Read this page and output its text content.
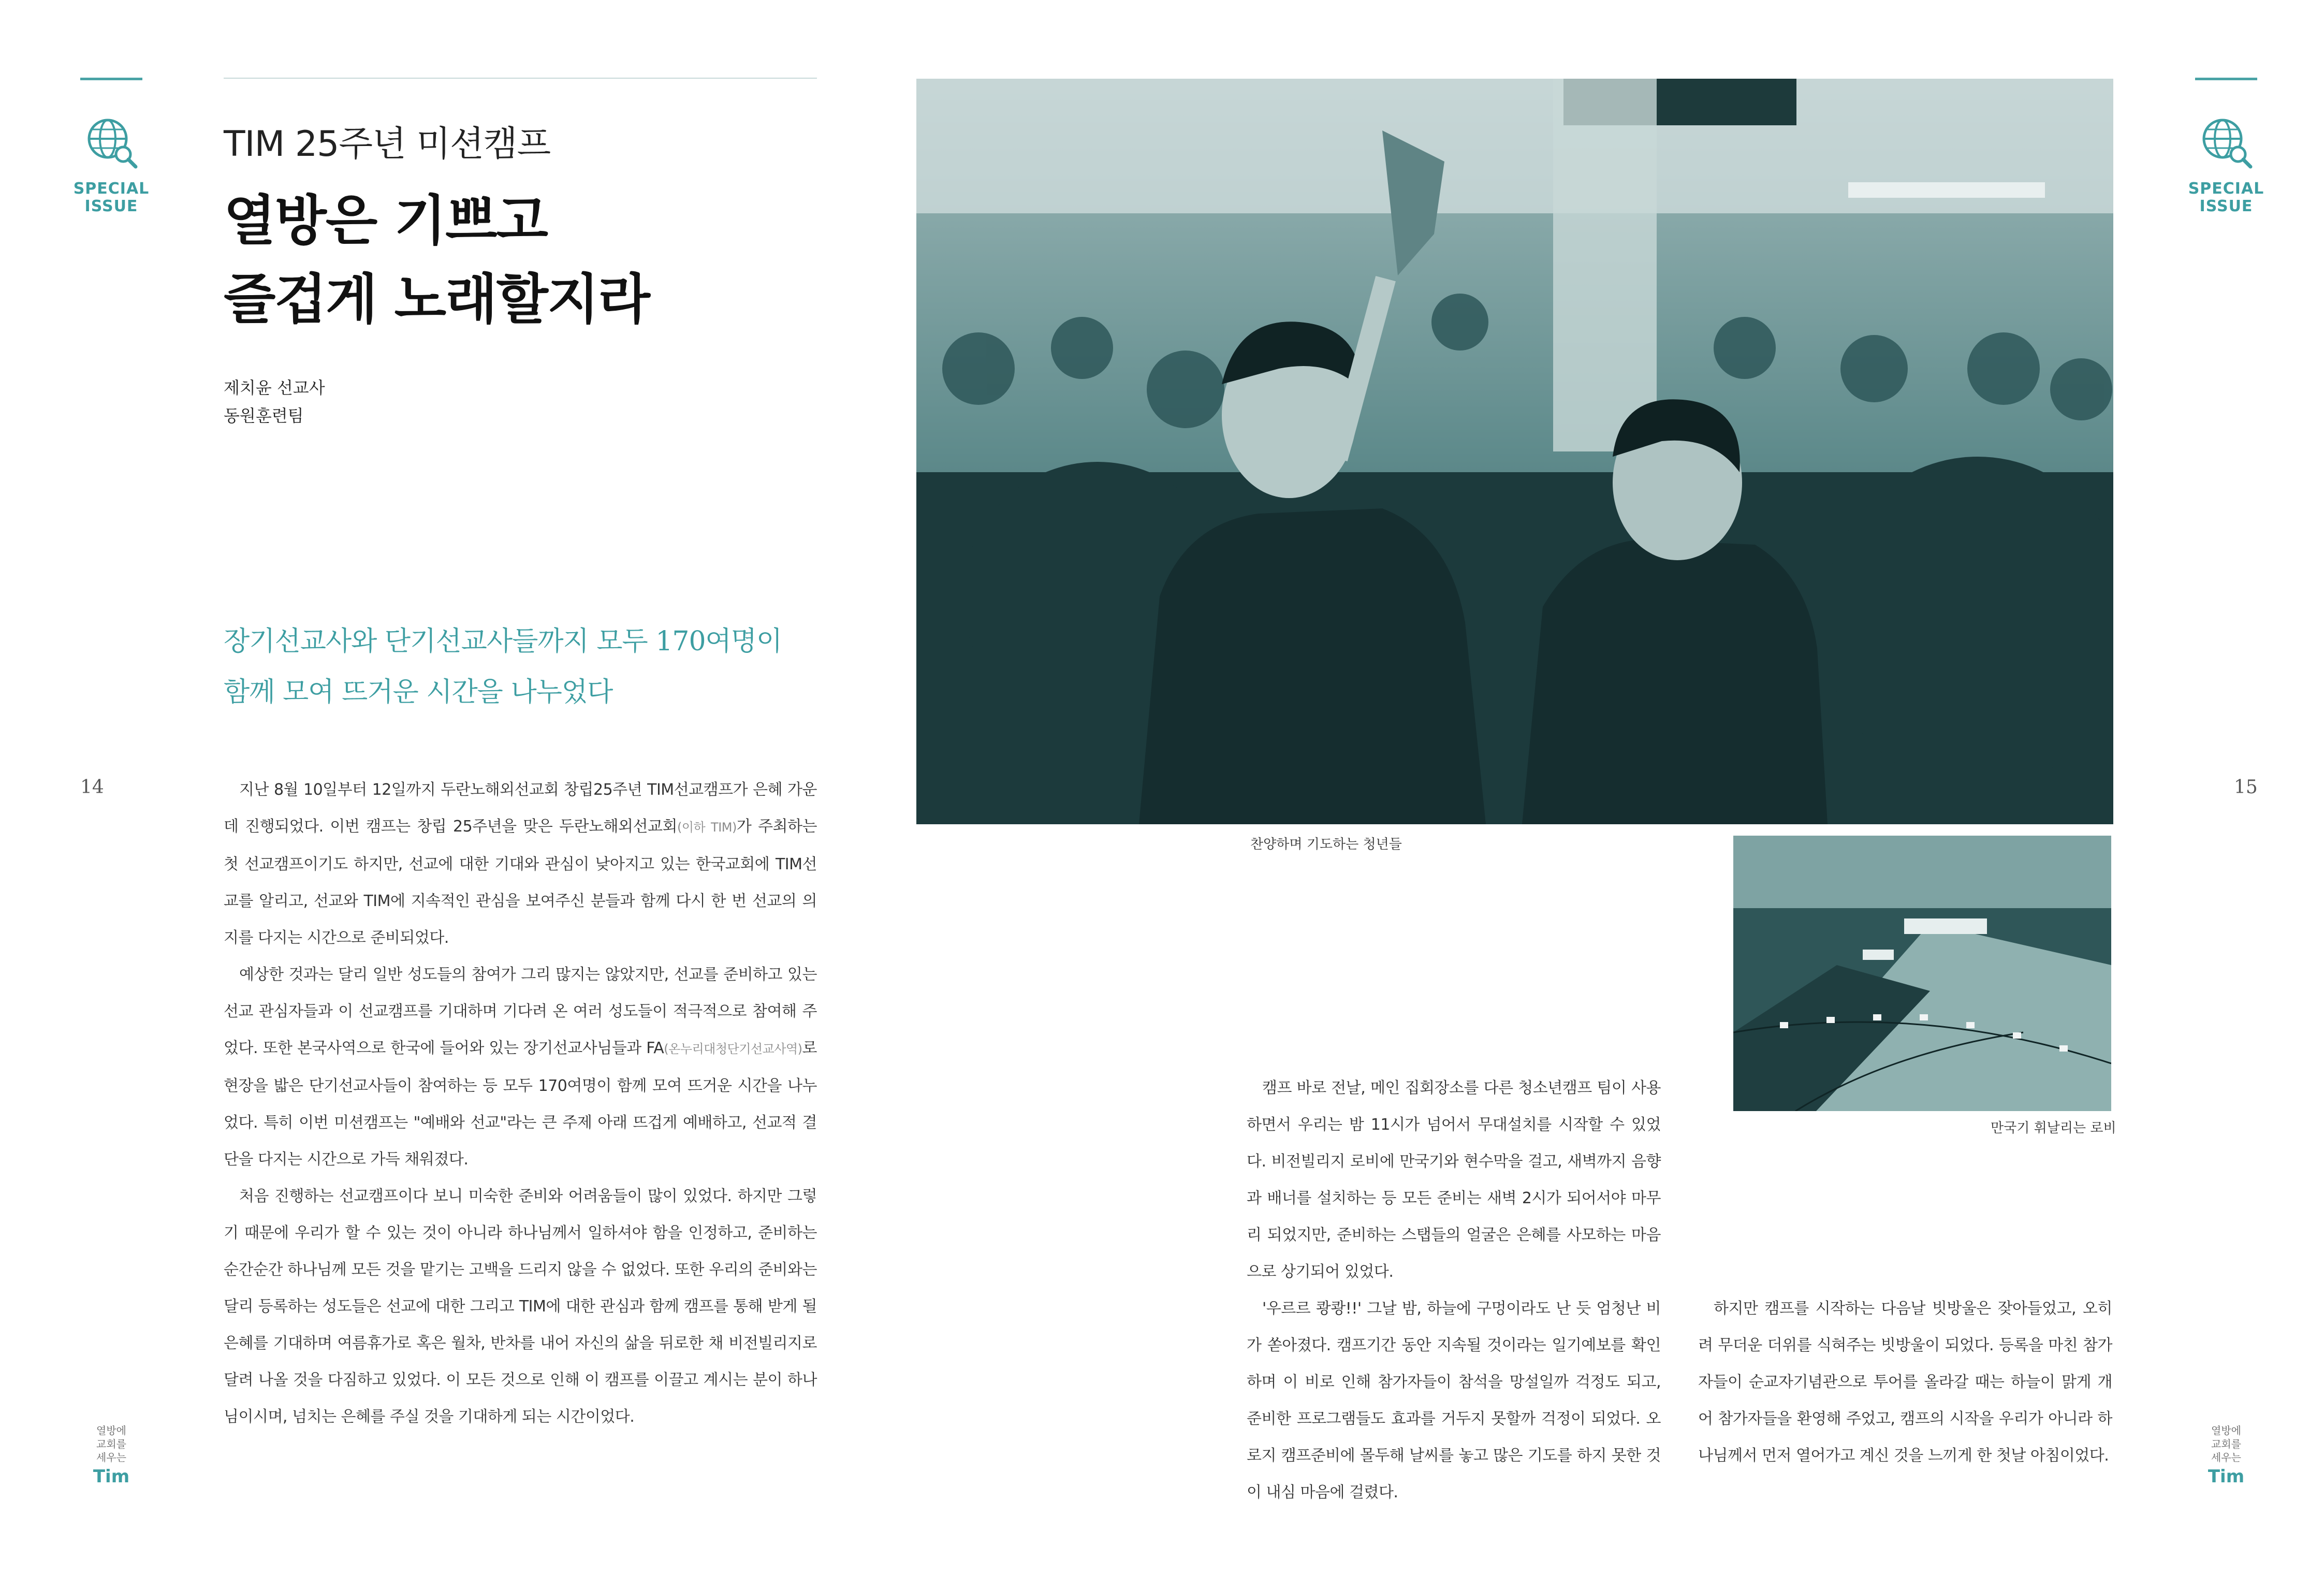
SPECIAL
ISSUE
14
열방에
교회를
세우는
Tim
TIM 25주년 미션캠프
열방은 기쁘고
즐겁게 노래할지라
제치윤 선교사
동원훈련팀
장기선교사와 단기선교사들까지 모두 170여명이
함께 모여 뜨거운 시간을 나누었다

지난 8월 10일부터 12일까지 두란노해외선교회 창립25주년 TIM선교캠프가 은혜 가운데 진행되었다. 이번 캠프는 창립 25주년을 맞은 두란노해외선교회(이하 TIM)가 주최하는 첫 선교캠프이기도 하지만, 선교에 대한 기대와 관심이 낮아지고 있는 한국교회에 TIM선교를 알리고, 선교와 TIM에 지속적인 관심을 보여주신 분들과 함께 다시 한 번 선교의 의지를 다지는 시간으로 준비되었다.

예상한 것과는 달리 일반 성도들의 참여가 그리 많지는 않았지만, 선교를 준비하고 있는 선교 관심자들과 이 선교캠프를 기대하며 기다려 온 여러 성도들이 적극적으로 참여해 주었다. 또한 본국사역으로 한국에 들어와 있는 장기선교사님들과 FA(온누리대청단기선교사역)로 현장을 밟은 단기선교사들이 참여하는 등 모두 170여명이 함께 모여 뜨거운 시간을 나누었다. 특히 이번 미션캠프는 "예배와 선교"라는 큰 주제 아래 뜨겁게 예배하고, 선교적 결단을 다지는 시간으로 가득 채워졌다.

처음 진행하는 선교캠프이다 보니 미숙한 준비와 어려움들이 많이 있었다. 하지만 그렇기 때문에 우리가 할 수 있는 것이 아니라 하나님께서 일하셔야 함을 인정하고, 준비하는 순간순간 하나님께 모든 것을 맡기는 고백을 드리지 않을 수 없었다. 또한 우리의 준비와는 달리 등록하는 성도들은 선교에 대한 그리고 TIM에 대한 관심과 함께 캠프를 통해 받게 될 은혜를 기대하며 여름휴가로 혹은 월차, 반차를 내어 자신의 삶을 뒤로한 채 비전빌리지로 달려 나올 것을 다짐하고 있었다. 이 모든 것으로 인해 이 캠프를 이끌고 계시는 분이 하나님이시며, 넘치는 은혜를 주실 것을 기대하게 되는 시간이었다.

찬양하며 기도하는 청년들
만국기 휘날리는 로비

캠프 바로 전날, 메인 집회장소를 다른 청소년캠프 팀이 사용하면서 우리는 밤 11시가 넘어서 무대설치를 시작할 수 있었다. 비전빌리지 로비에 만국기와 현수막을 걸고, 새벽까지 음향과 배너를 설치하는 등 모든 준비는 새벽 2시가 되어서야 마무리 되었지만, 준비하는 스탭들의 얼굴은 은혜를 사모하는 마음으로 상기되어 있었다.

'우르르 쾅쾅!!' 그날 밤, 하늘에 구멍이라도 난 듯 엄청난 비가 쏟아졌다. 캠프기간 동안 지속될 것이라는 일기예보를 확인하며 이 비로 인해 참가자들이 참석을 망설일까 걱정도 되고, 준비한 프로그램들도 효과를 거두지 못할까 걱정이 되었다. 오로지 캠프준비에 몰두해 날씨를 놓고 많은 기도를 하지 못한 것이 내심 마음에 걸렸다.

하지만 캠프를 시작하는 다음날 빗방울은 잦아들었고, 오히려 무더운 더위를 식혀주는 빗방울이 되었다. 등록을 마친 참가자들이 순교자기념관으로 투어를 올라갈 때는 하늘이 맑게 개어 참가자들을 환영해 주었고, 캠프의 시작을 우리가 아니라 하나님께서 먼저 열어가고 계신 것을 느끼게 한 첫날 아침이었다.

SPECIAL
ISSUE
15
열방에
교회를
세우는
Tim
